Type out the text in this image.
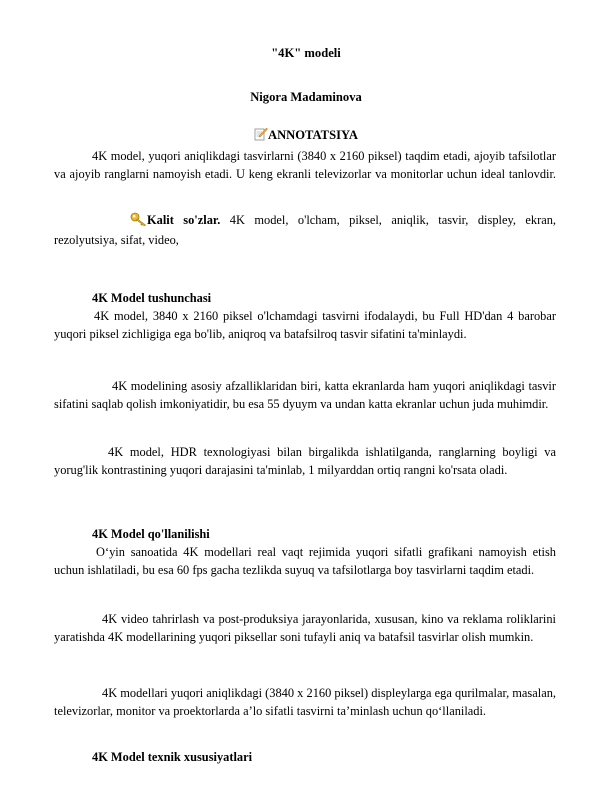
"4K" modeli
Nigora Madaminova
ANNOTATSIYA
4K model, yuqori aniqlikdagi tasvirlarni (3840 x 2160 piksel) taqdim etadi, ajoyib tafsilotlar va ajoyib ranglarni namoyish etadi. U keng ekranli televizorlar va monitorlar uchun ideal tanlovdir.
Kalit so'zlar. 4K model, o'lcham, piksel, aniqlik, tasvir, displey, ekran, rezolyutsiya, sifat, video,
4K Model tushunchasi
4K model, 3840 x 2160 piksel o'lchamdagi tasvirni ifodalaydi, bu Full HD'dan 4 barobar yuqori piksel zichligiga ega bo'lib, aniqroq va batafsilroq tasvir sifatini ta'minlaydi.
4K modelining asosiy afzalliklaridan biri, katta ekranlarda ham yuqori aniqlikdagi tasvir sifatini saqlab qolish imkoniyatidir, bu esa 55 dyuym va undan katta ekranlar uchun juda muhimdir.
4K model, HDR texnologiyasi bilan birgalikda ishlatilganda, ranglarning boyligi va yorug'lik kontrastining yuqori darajasini ta'minlab, 1 milyarddan ortiq rangni ko'rsata oladi.
4K Model qo'llanilishi
O‘yin sanoatida 4K modellari real vaqt rejimida yuqori sifatli grafikani namoyish etish uchun ishlatiladi, bu esa 60 fps gacha tezlikda suyuq va tafsilotlarga boy tasvirlarni taqdim etadi.
4K video tahrirlash va post-produksiya jarayonlarida, xususan, kino va reklama roliklarini yaratishda 4K modellarining yuqori piksellar soni tufayli aniq va batafsil tasvirlar olish mumkin.
4K modellari yuqori aniqlikdagi (3840 x 2160 piksel) displeylarga ega qurilmalar, masalan, televizorlar, monitor va proektorlarda a’lo sifatli tasvirni ta’minlash uchun qo‘llaniladi.
4K Model texnik xususiyatlari
